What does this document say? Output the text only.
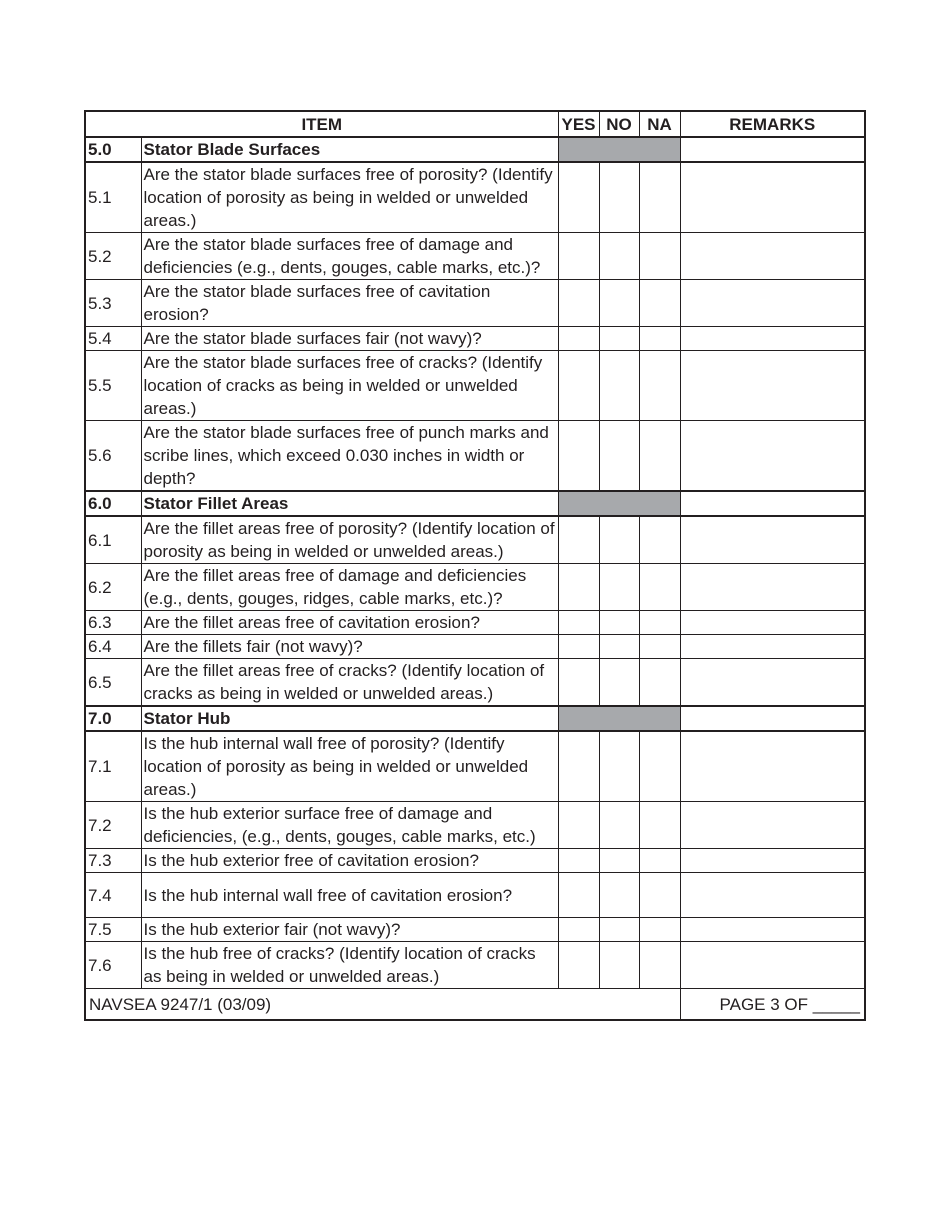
ITEM		YES	NO	NA	REMARKS
5.0	Stator Blade Surfaces				
5.1	Are the stator blade surfaces free of porosity? (Identify location of porosity as being in welded or unwelded areas.)				
5.2	Are the stator blade surfaces free of damage and deficiencies (e.g., dents, gouges, cable marks, etc.)?				
5.3	Are the stator blade surfaces free of cavitation erosion?				
5.4	Are the stator blade surfaces fair (not wavy)?				
5.5	Are the stator blade surfaces free of cracks? (Identify location of cracks as being in welded or unwelded areas.)				
5.6	Are the stator blade surfaces free of punch marks and scribe lines, which exceed 0.030 inches in width or depth?				
6.0	Stator Fillet Areas				
6.1	Are the fillet areas free of porosity? (Identify location of porosity as being in welded or unwelded areas.)				
6.2	Are the fillet areas free of damage and deficiencies (e.g., dents, gouges, ridges, cable marks, etc.)?				
6.3	Are the fillet areas free of cavitation erosion?				
6.4	Are the fillets fair (not wavy)?				
6.5	Are the fillet areas free of cracks? (Identify location of cracks as being in welded or unwelded areas.)				
7.0	Stator Hub				
7.1	Is the hub internal wall free of porosity? (Identify location of porosity as being in welded or unwelded areas.)				
7.2	Is the hub exterior surface free of damage and deficiencies, (e.g., dents, gouges, cable marks, etc.)				
7.3	Is the hub exterior free of cavitation erosion?				
7.4	Is the hub internal wall free of cavitation erosion?				
7.5	Is the hub exterior fair (not wavy)?				
7.6	Is the hub free of cracks? (Identify location of cracks as being in welded or unwelded areas.)				
NAVSEA 9247/1 (03/09)					PAGE 3 OF _____
